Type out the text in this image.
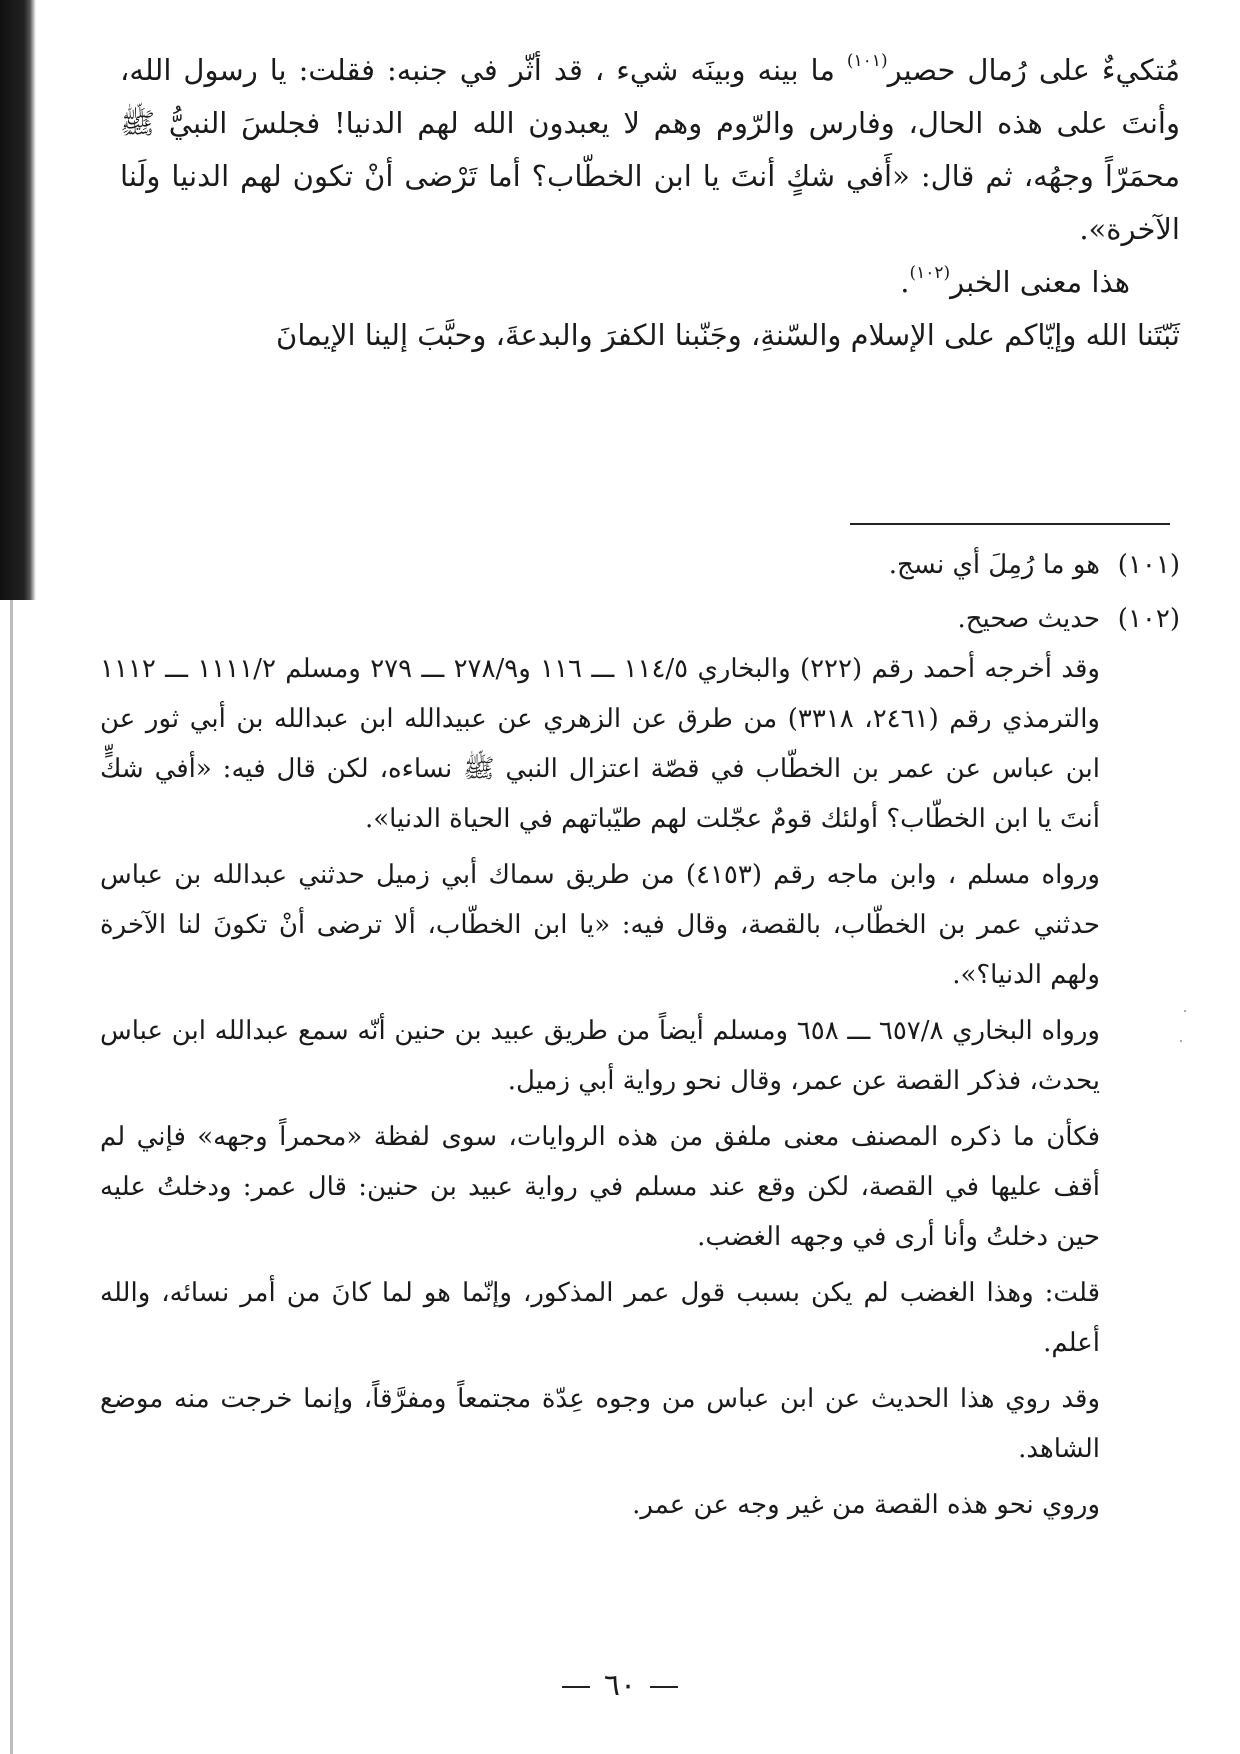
مُتكيءٌ على رُمال حصير$^{(١٠١)}$ ما بينه وبينَه شيء ، قد أثّر في جنبه: فقلت: يا رسول الله، وأنتَ على هذه الحال، وفارس والرّوم وهم لا يعبدون الله لهم الدنيا! فجلسَ النبيُّ ﷺ محمَرّاً وجهُه، ثم قال: «أَفي شكٍ أنتَ يا ابن الخطّاب؟ أما تَرْضى أنْ تكون لهم الدنيا ولَنا الآخرة».

هذا معنى الخبر$^{(١٠٢)}$.

ثَبّتَنا الله وإيّاكم على الإسلام والسّنةِ، وجَنّبنا الكفرَ والبدعةَ، وحبَّبَ إلينا الإيمانَ

(١٠١)هو ما رُمِلَ أي نسج.
(١٠٢)حديث صحيح.

وقد أخرجه أحمد رقم (٢٢٢) والبخاري ١١٤/٥ ـــ ١١٦ و٢٧٨/٩ ـــ ٢٧٩ ومسلم ١١١١/٢ ـــ ١١١٢ والترمذي رقم (٢٤٦١، ٣٣١٨) من طرق عن الزهري عن عبيدالله ابن عبدالله بن أبي ثور عن ابن عباس عن عمر بن الخطّاب في قصّة اعتزال النبي ﷺ نساءه، لكن قال فيه: «أفي شكٍّ أنتَ يا ابن الخطّاب؟ أولئك قومٌ عجّلت لهم طيّباتهم في الحياة الدنيا».

ورواه مسلم ، وابن ماجه رقم (٤١٥٣) من طريق سماك أبي زميل حدثني عبدالله بن عباس حدثني عمر بن الخطّاب، بالقصة، وقال فيه: «يا ابن الخطّاب، ألا ترضى أنْ تكونَ لنا الآخرة ولهم الدنيا؟».

ورواه البخاري ٦٥٧/٨ ـــ ٦٥٨ ومسلم أيضاً من طريق عبيد بن حنين أنّه سمع عبدالله ابن عباس يحدث، فذكر القصة عن عمر، وقال نحو رواية أبي زميل.

فكأن ما ذكره المصنف معنى ملفق من هذه الروايات، سوى لفظة «محمراً وجهه» فإني لم أقف عليها في القصة، لكن وقع عند مسلم في رواية عبيد بن حنين: قال عمر: ودخلتُ عليه حين دخلتُ وأنا أرى في وجهه الغضب.

قلت: وهذا الغضب لم يكن بسبب قول عمر المذكور، وإنّما هو لما كانَ من أمر نسائه، والله أعلم.

وقد روي هذا الحديث عن ابن عباس من وجوه عِدّة مجتمعاً ومفرَّقاً، وإنما خرجت منه موضع الشاهد.

وروي نحو هذه القصة من غير وجه عن عمر.

٦٠
